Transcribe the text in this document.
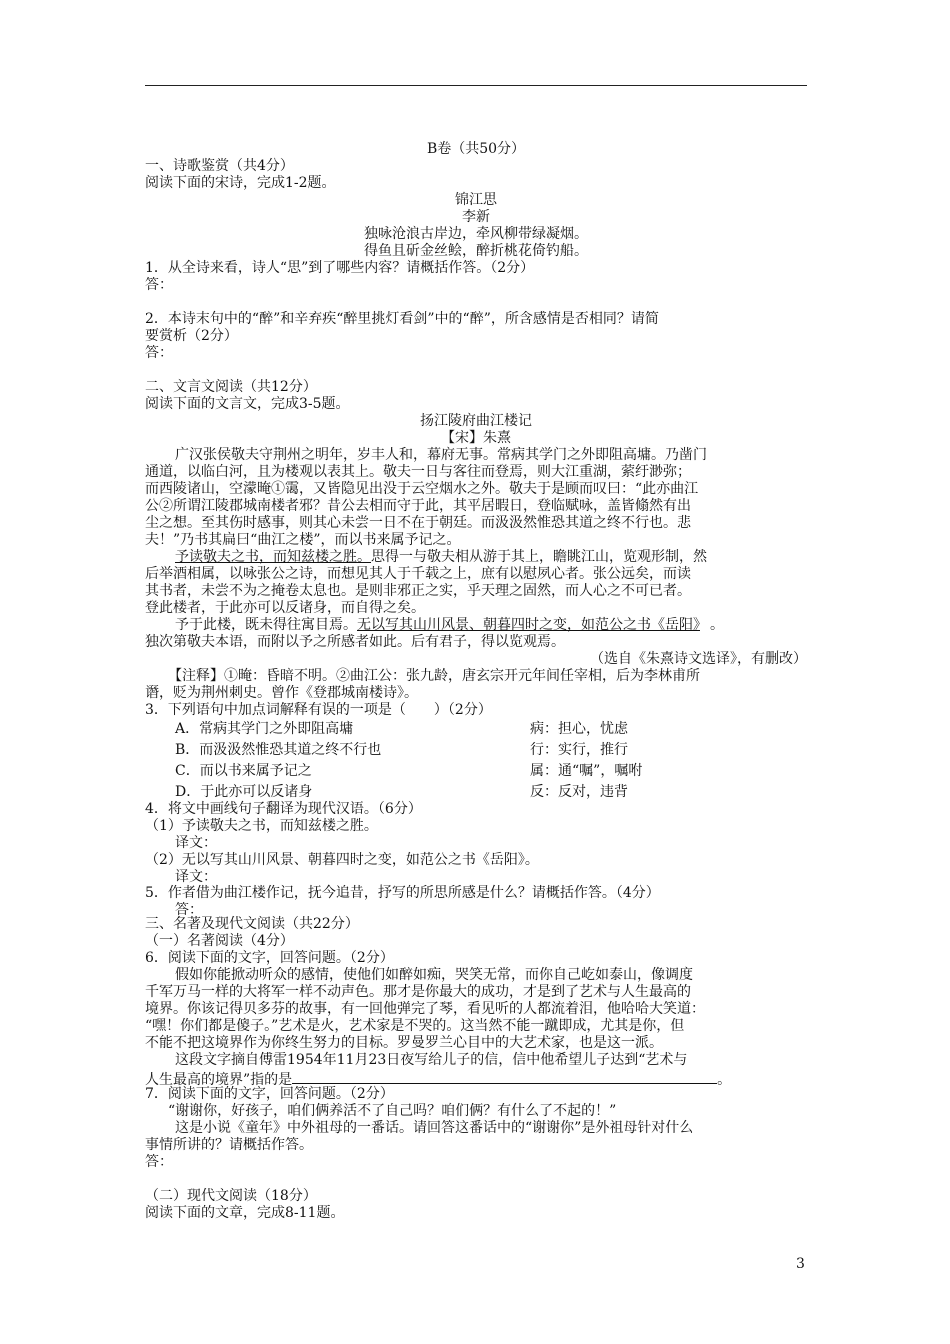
B卷（共50分）
一、诗歌鉴赏（共4分）
阅读下面的宋诗，完成1-2题。
锦江思
李新
独咏沧浪古岸边，牵风柳带绿凝烟。
得鱼且斫金丝鲙，醉折桃花倚钓船。
1．从全诗来看，诗人“思”到了哪些内容？请概括作答。（2分）
答：
2．本诗末句中的“醉”和辛弃疾“醉里挑灯看剑”中的“醉”，所含感情是否相同？请简
要赏析（2分）
答：
二、文言文阅读（共12分）
阅读下面的文言文，完成3-5题。
扬江陵府曲江楼记
【宋】朱熹
广汉张侯敬夫守荆州之明年，岁丰人和，幕府无事。常病其学门之外即阻高墉。乃凿门
通道，以临白河，且为楼观以表其上。敬夫一日与客往而登焉，则大江重湖，萦纡渺弥；
而西陵诸山，空濛晻①霭，又皆隐见出没于云空烟水之外。敬夫于是顾而叹曰：“此亦曲江
公②所谓江陵郡城南楼者邪？昔公去相而守于此，其平居暇日，登临赋咏，盖皆翛然有出
尘之想。至其伤时感事，则其心未尝一日不在于朝廷。而汲汲然惟恐其道之终不行也。悲
夫！”乃书其扁曰“曲江之楼”，而以书来属予记之。
予读敬夫之书，而知兹楼之胜。思得一与敬夫相从游于其上，瞻眺江山，览观形制，然
后举酒相属，以咏张公之诗，而想见其人于千载之上，庶有以慰夙心者。张公远矣，而读
其书者，未尝不为之掩卷太息也。是则非邪正之实，乎天理之固然，而人心之不可已者。
登此楼者，于此亦可以反诸身，而自得之矣。
予于此楼，既未得往寓目焉。无以写其山川风景、朝暮四时之变，如范公之书《岳阳》 。
独次第敬夫本语，而附以予之所感者如此。后有君子，得以览观焉。
（选自《朱熹诗文选译》，有删改）
【注释】①晻：昏暗不明。②曲江公：张九龄，唐玄宗开元年间任宰相，后为李林甫所
谮，贬为荆州刺史。曾作《登郡城南楼诗》。
3．下列语句中加点词解释有误的一项是（　　）（2分）
A．常病其学门之外即阻高墉	病：担心，忧虑
B．而汲汲然惟恐其道之终不行也	行：实行，推行
C．而以书来属予记之	属：通“嘱”，嘱咐
D．于此亦可以反诸身	反：反对，违背
4．将文中画线句子翻译为现代汉语。（6分）
（1）予读敬夫之书，而知兹楼之胜。
译文：
（2）无以写其山川风景、朝暮四时之变，如范公之书《岳阳》。
译文：
5．作者借为曲江楼作记，抚今追昔，抒写的所思所感是什么？请概括作答。（4分）
答：
三、名著及现代文阅读（共22分）
（一）名著阅读（4分）
6．阅读下面的文字，回答问题。（2分）
假如你能掀动听众的感情，使他们如醉如痴，哭笑无常，而你自己屹如泰山，像调度
千军万马一样的大将军一样不动声色。那才是你最大的成功，才是到了艺术与人生最高的
境界。你该记得贝多芬的故事，有一回他弹完了琴，看见听的人都流着泪，他哈哈大笑道：
“嘿！你们都是傻子。”艺术是火，艺术家是不哭的。这当然不能一蹴即成，尤其是你，但
不能不把这境界作为你终生努力的目标。罗曼罗兰心目中的大艺术家，也是这一派。
这段文字摘自傅雷1954年11月23日夜写给儿子的信，信中他希望儿子达到“艺术与
人生最高的境界”指的是	。
7．阅读下面的文字，回答问题。（2分）
“谢谢你，好孩子，咱们俩养活不了自己吗？咱们俩？有什么了不起的！”
这是小说《童年》中外祖母的一番话。请回答这番话中的“谢谢你”是外祖母针对什么
事情所讲的？请概括作答。
答：
（二）现代文阅读（18分）
阅读下面的文章，完成8-11题。
3
